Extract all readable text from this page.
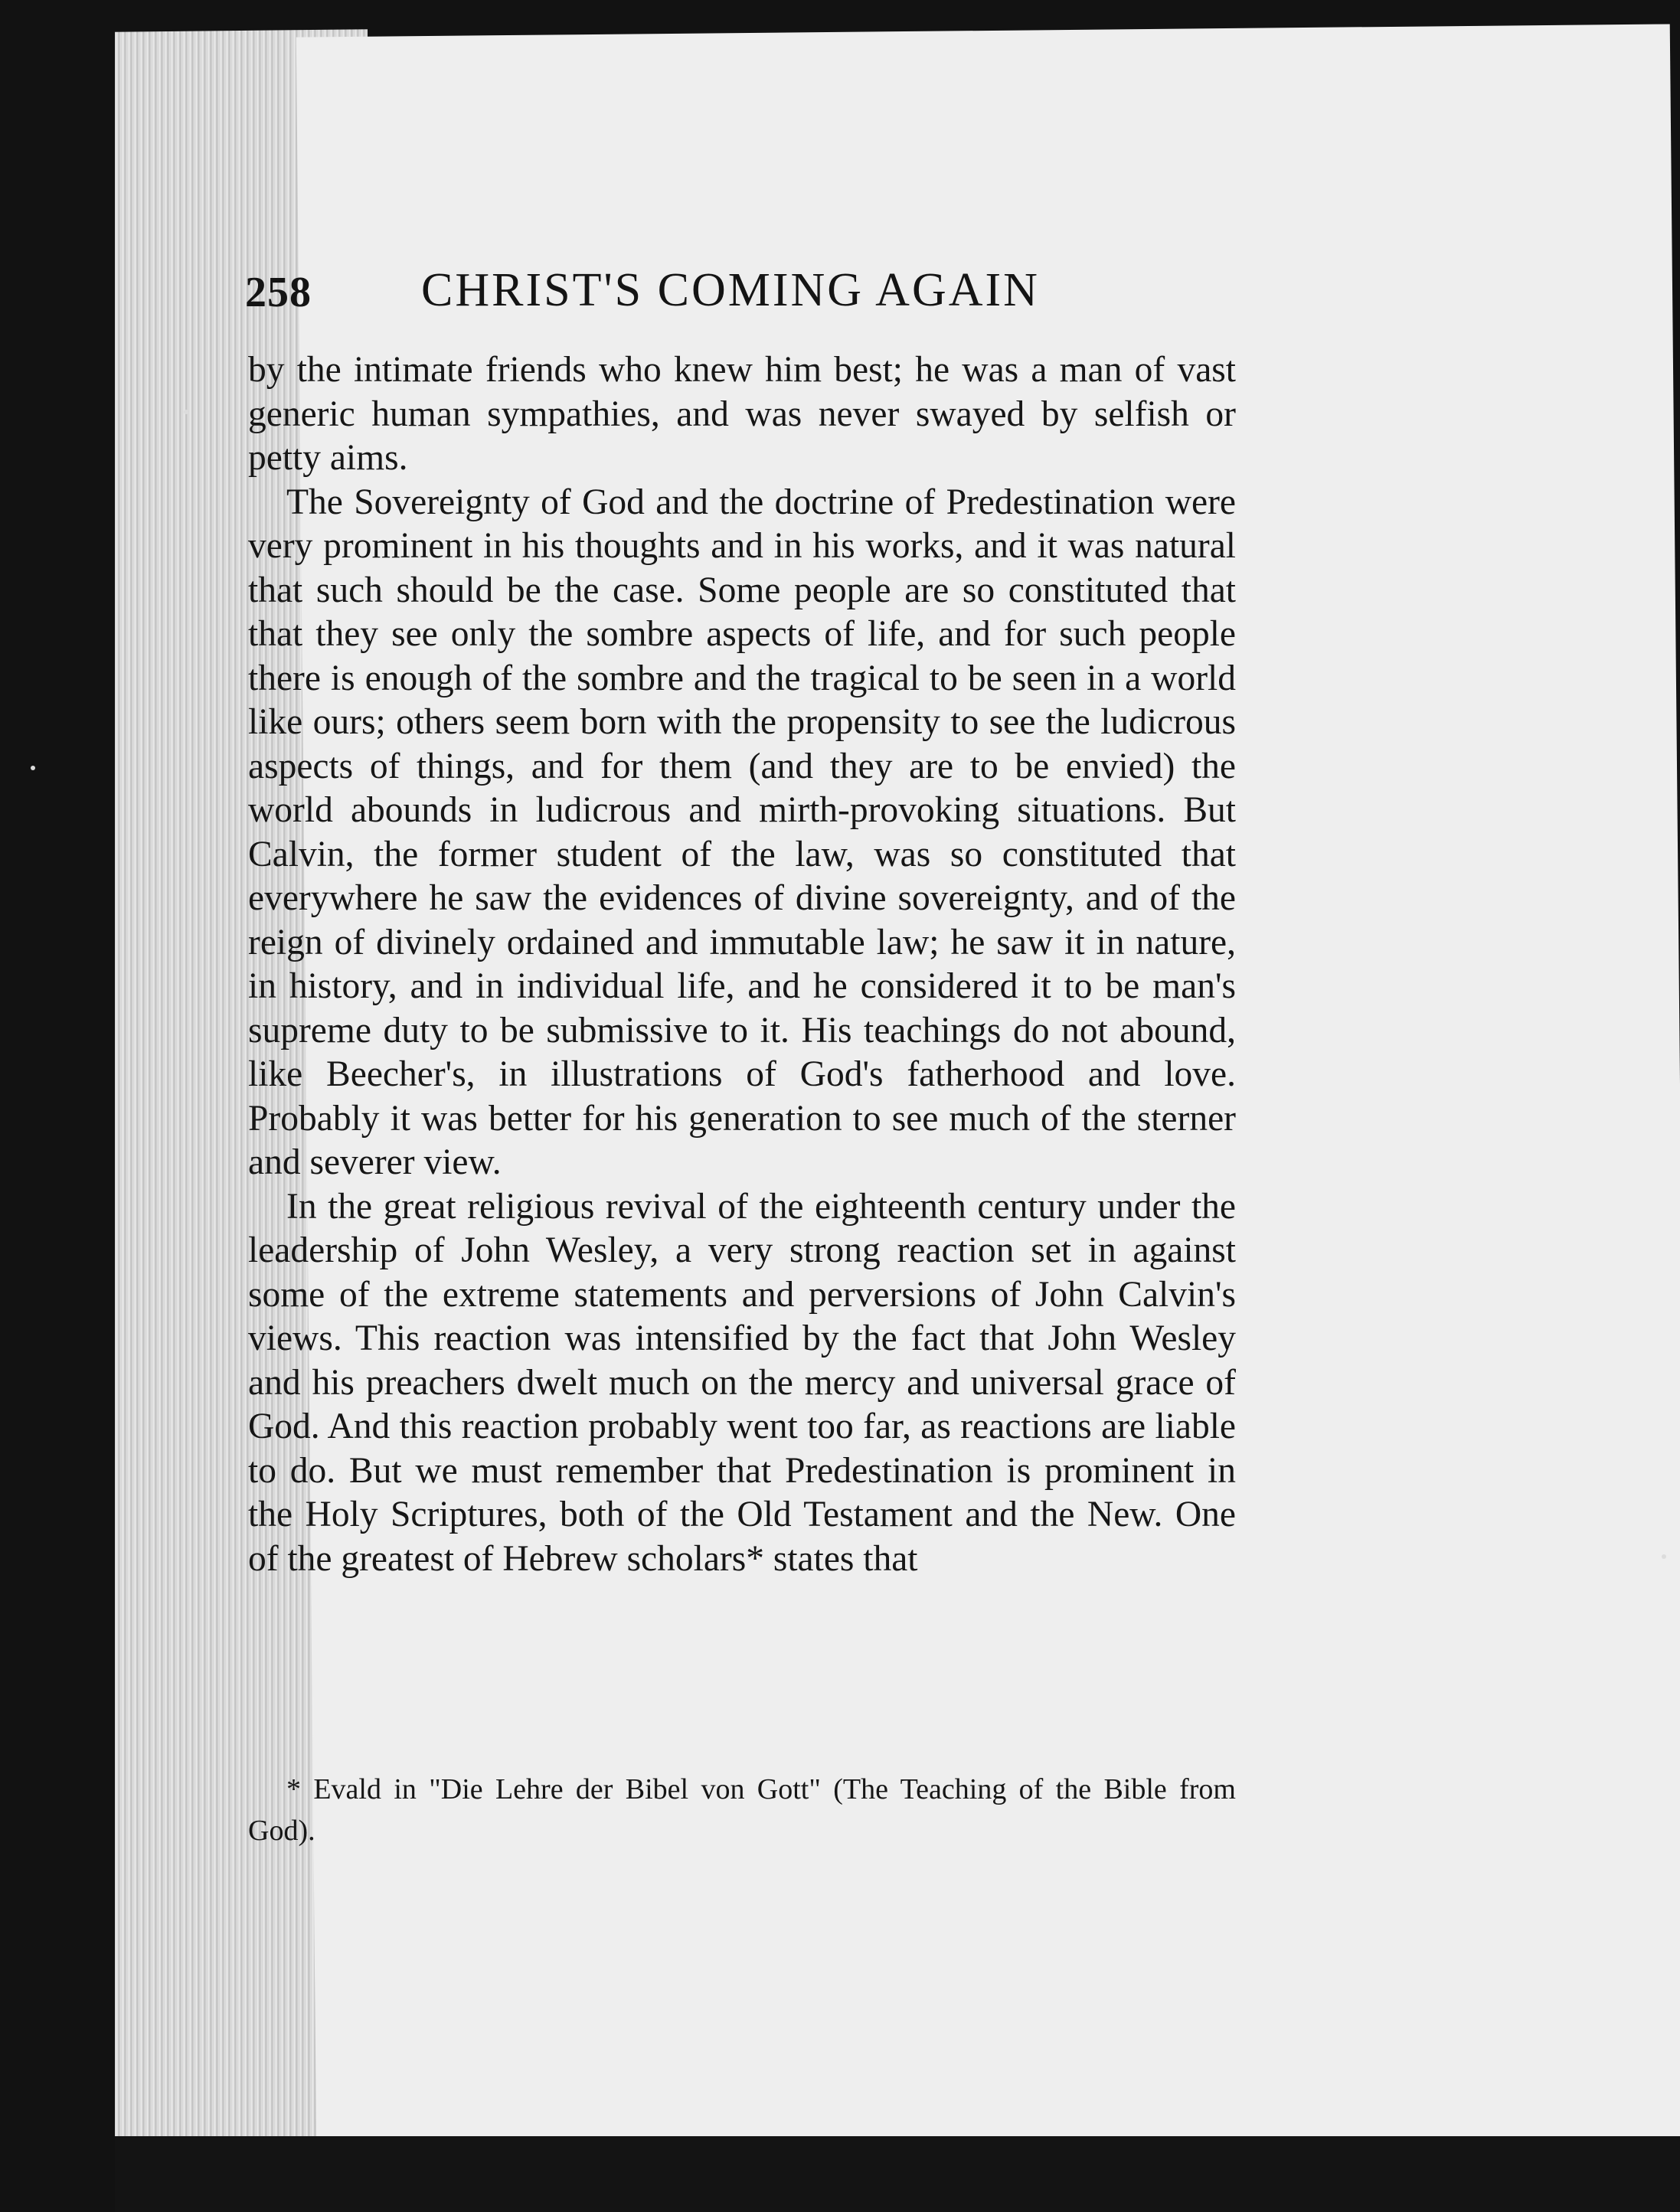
258 CHRIST'S COMING AGAIN

by the intimate friends who knew him best; he was a man of vast generic human sympathies, and was never swayed by selfish or petty aims.

The Sovereignty of God and the doctrine of Predestination were very prominent in his thoughts and in his works, and it was natural that such should be the case. Some people are so constituted that that they see only the sombre aspects of life, and for such people there is enough of the sombre and the tragical to be seen in a world like ours; others seem born with the propensity to see the ludicrous aspects of things, and for them (and they are to be envied) the world abounds in ludicrous and mirth-provoking situations. But Calvin, the former student of the law, was so constituted that everywhere he saw the evidences of divine sovereignty, and of the reign of divinely ordained and immutable law; he saw it in nature, in history, and in individual life, and he considered it to be man's supreme duty to be submissive to it. His teachings do not abound, like Beecher's, in illustrations of God's fatherhood and love. Probably it was better for his generation to see much of the sterner and severer view.

In the great religious revival of the eighteenth century under the leadership of John Wesley, a very strong reaction set in against some of the extreme statements and perversions of John Calvin's views. This reaction was intensified by the fact that John Wesley and his preachers dwelt much on the mercy and universal grace of God. And this reaction probably went too far, as reactions are liable to do. But we must remember that Predestination is prominent in the Holy Scriptures, both of the Old Testament and the New. One of the greatest of Hebrew scholars* states that

* Evald in "Die Lehre der Bibel von Gott" (The Teaching of the Bible from God).
